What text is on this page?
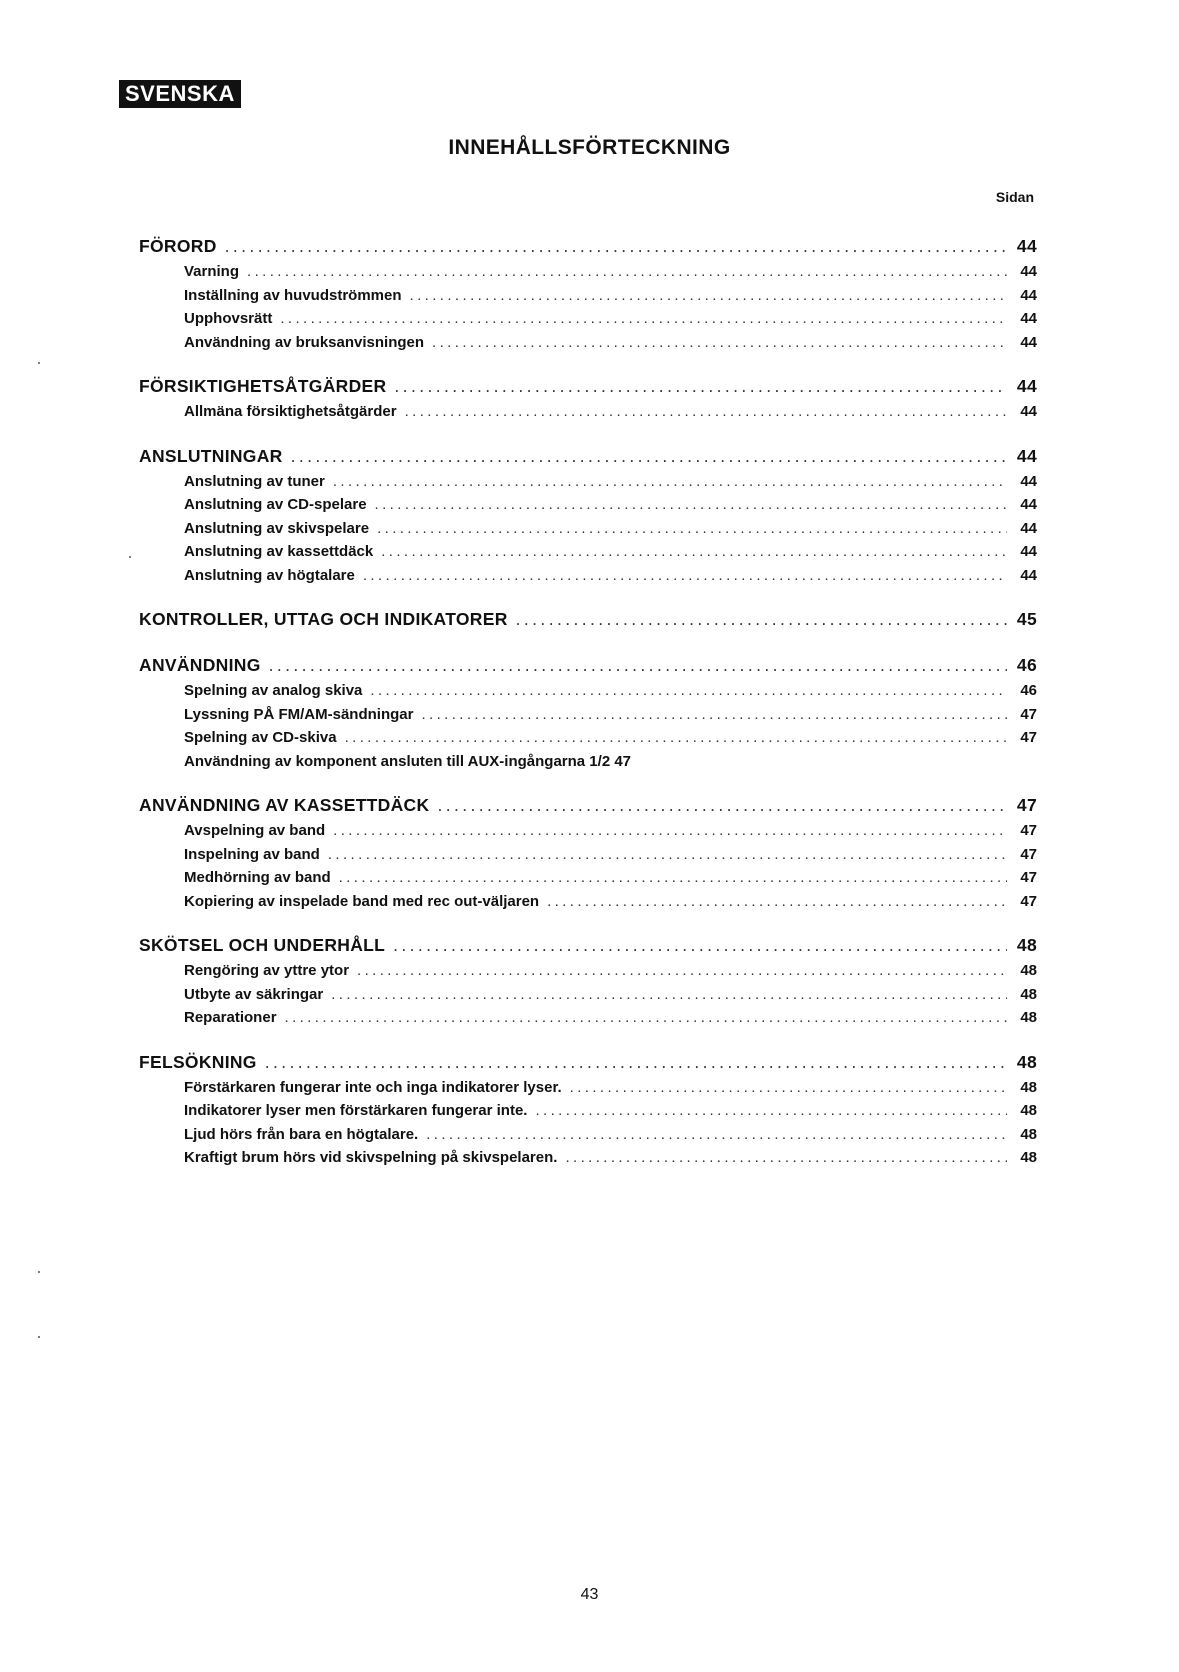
SVENSKA
INNEHÅLLSFÖRTECKNING
Sidan
FÖRORD .....	44
Varning .....	44
Inställning av huvudströmmen .....	44
Upphovsrätt .....	44
Användning av bruksanvisningen .....	44
FÖRSIKTIGHETSÅTGÄRDER .....	44
Allmäna försiktighetsåtgärder .....	44
ANSLUTNINGAR .....	44
Anslutning av tuner .....	44
Anslutning av CD-spelare .....	44
Anslutning av skivspelare .....	44
Anslutning av kassettdäck .....	44
Anslutning av högtalare .....	44
KONTROLLER, UTTAG OCH INDIKATORER .....	45
ANVÄNDNING .....	46
Spelning av analog skiva .....	46
Lyssning PÅ FM/AM-sändningar .....	47
Spelning av CD-skiva .....	47
Användning av komponent ansluten till AUX-ingångarna 1/2 47
ANVÄNDNING AV KASSETTDÄCK .....	47
Avspelning av band .....	47
Inspelning av band .....	47
Medhörning av band .....	47
Kopiering av inspelade band med rec out-väljaren .....	47
SKÖTSEL OCH UNDERHÅLL .....	48
Rengöring av yttre ytor .....	48
Utbyte av säkringar .....	48
Reparationer .....	48
FELSÖKNING .....	48
Förstärkaren fungerar inte och inga indikatorer lyser. .....	48
Indikatorer lyser men förstärkaren fungerar inte. .....	48
Ljud hörs från bara en högtalare. .....	48
Kraftigt brum hörs vid skivspelning på skivspelaren. .....	48
43
